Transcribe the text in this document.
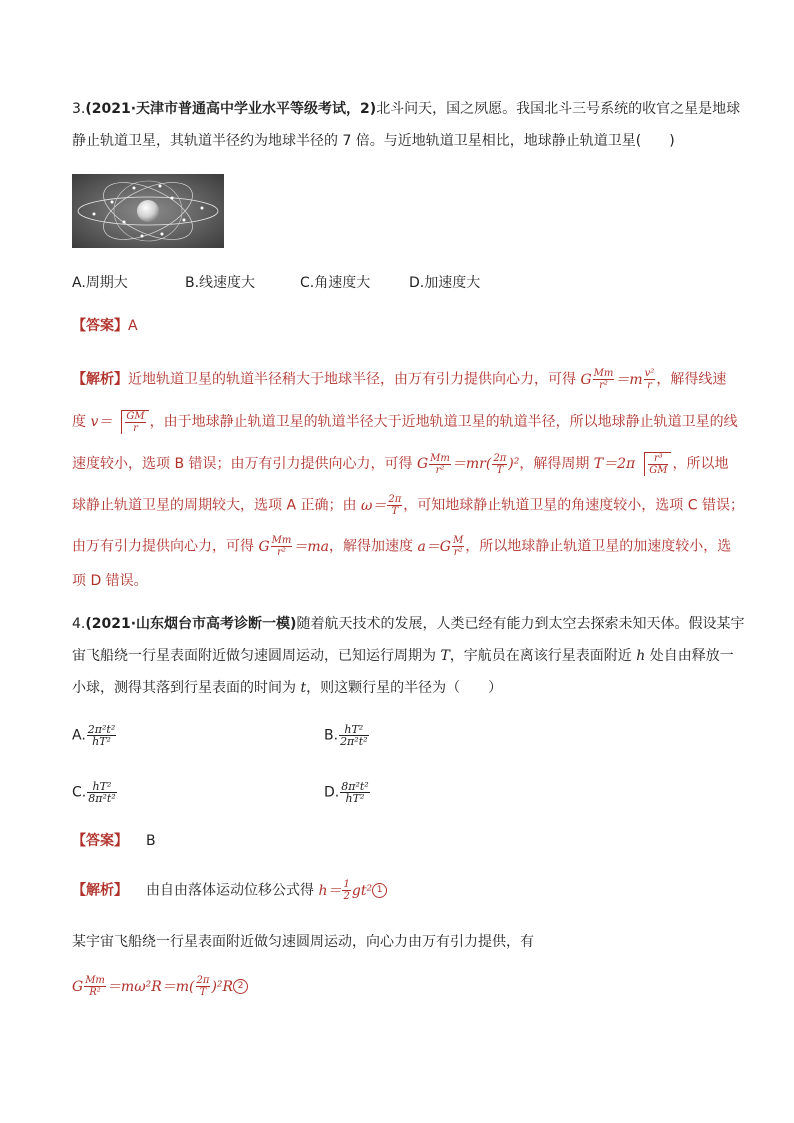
3.(2021·天津市普通高中学业水平等级考试，2)北斗问天，国之夙愿。我国北斗三号系统的收官之星是地球
静止轨道卫星，其轨道半径约为地球半径的 7 倍。与近地轨道卫星相比，地球静止轨道卫星(　　)
A.周期大	B.线速度大	C.角速度大	D.加速度大
【答案】A
【解析】近地轨道卫星的轨道半径稍大于地球半径，由万有引力提供向心力，可得 G $\frac{Mm}{\text{r²}} =m \frac{\text{v²}}{r}$ ，解得线速
度 $v= \frac{GM}{r}$ ，由于地球静止轨道卫星的轨道半径大于近地轨道卫星的轨道半径，所以地球静止轨道卫星的线
速度较小，选项 B 错误；由万有引力提供向心力，可得 G $\frac{Mm}{\text{r²}} =mr( \frac{2\pi}{T} )^2$，解得周期 $T=2\pi \frac{\text{r³}}{GM}$ ，所以地
球静止轨道卫星的周期较大，选项 A 正确；由 $\omega= \frac{2\pi}{T}$ ，可知地球静止轨道卫星的角速度较小，选项 C 错误；
由万有引力提供向心力，可得 G $\frac{Mm}{\text{r²}} =ma$，解得加速度 $a=G \frac{M}{\text{r²}}$ ，所以地球静止轨道卫星的加速度较小，选
项 D 错误。
4.(2021·山东烟台市高考诊断一模)随着航天技术的发展，人类已经有能力到太空去探索未知天体。假设某宇
宙飞船绕一行星表面附近做匀速圆周运动，已知运行周期为 T，宇航员在离该行星表面附近 h 处自由释放一
小球，测得其落到行星表面的时间为 t，则这颗行星的半径为（　　）
A. $\frac{\text{2π²t²}}{\text{hT²}}$	B. $\frac{\text{hT²}}{\text{2π²t²}}$
C. $\frac{\text{hT²}}{\text{8π²t²}}$	D. $\frac{\text{8π²t²}}{\text{hT²}}$
【答案】 B
【解析】 由自由落体运动位移公式得 $h= \frac{1}{2} gt^2$ 1
某宇宙飞船绕一行星表面附近做匀速圆周运动，向心力由万有引力提供，有
G $\frac{Mm}{\text{R²}} =m\omega^2R=m( \frac{2\pi}{T} )^2R$ 2
